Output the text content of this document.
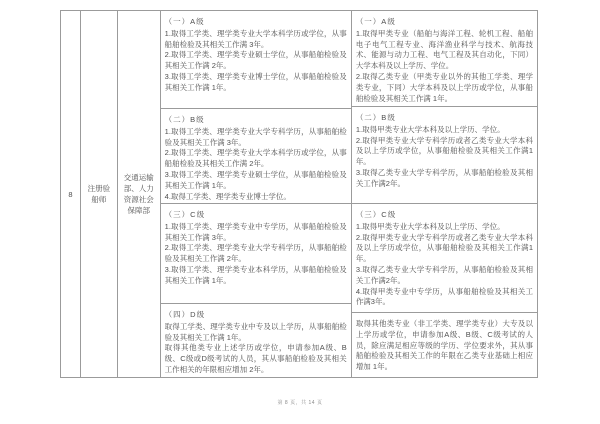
8
注册验船师
交通运输部、人力资源社会保障部
（一）A级
1.取得工学类、理学类专业大学本科学历或学位，从事船舶检验及其相关工作满 3年。
2.取得工学类、理学类专业硕士学位，从事船舶检验及其相关工作满 2年。
3.取得工学类、理学类专业博士学位，从事船舶检验及其相关工作满 1年。
（二）B级
1.取得工学类、理学类专业大学专科学历，从事船舶检验及其相关工作满 3年。
2.取得工学类、理学类专业大学本科学历或学位，从事船舶检验及其相关工作满 2年。
3.取得工学类、理学类专业硕士学位，从事船舶检验及其相关工作满 1年。
4.取得工学类、理学类专业博士学位。
（三）C级
1.取得工学类、理学类专业中专学历，从事船舶检验及其相关工作满 3年。
2.取得工学类、理学类专业大学专科学历，从事船舶检验及其相关工作满 2年。
3.取得工学类、理学类专业本科学历，从事船舶检验及其相关工作满 1年。
（四）D级
取得工学类、理学类专业中专及以上学历，从事船舶检验及其相关工作满 1年。
取得其他类专业上述学历或学位，申请参加A级、B级、C级或D级考试的人员，其从事船舶检验及其相关工作相关的年限相应增加 2年。
（一）A级
1.取得甲类专业（船舶与海洋工程、轮机工程、船舶电子电气工程专业、海洋渔业科学与技术、航海技术、能源与动力工程、电气工程及其自动化，下同）大学本科及以上学历、学位。
2.取得乙类专业（甲类专业以外的其他工学类、理学类专业，下同）大学本科及以上学历或学位，从事船舶检验及其相关工作满 1年。
（二）B级
1.取得甲类专业大学本科及以上学历、学位。
2.取得甲类专业大学专科学历或者乙类专业大学本科及以上学历或学位，从事船舶检验及其相关工作满1年。
3.取得乙类专业大学专科学历，从事船舶检验及其相关工作满2年。
（三）C级
1.取得甲类专业大学本科及以上学历、学位。
2.取得甲类专业大学专科学历或者乙类专业大学本科及以上学历或学位，从事船舶检验及其相关工作满1年。
3.取得乙类专业大学专科学历，从事船舶检验及其相关工作满2年。
4.取得甲类专业中专学历，从事船舶检验及其相关工作满3年。
取得其他类专业（非工学类、理学类专业）大专及以上学历或学位，申请参加A级、B级、C级考试的人员，除应满足相应等级的学历、学位要求外，其从事船舶检验及其相关工作的年限在乙类专业基础上相应增加 1年。
第 8 页，共 14 页
